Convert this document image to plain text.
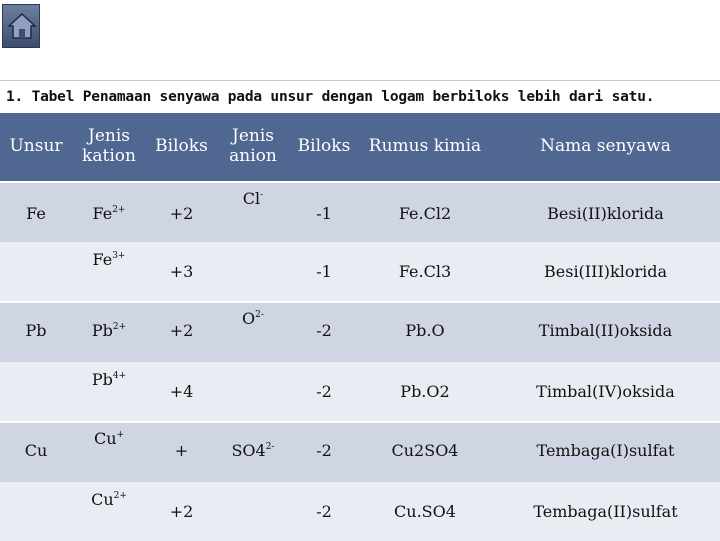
1. Tabel Penamaan senyawa pada unsur dengan logam berbiloks lebih dari satu.
Unsur	Jenis kation	Biloks	Jenis anion	Biloks	Rumus kimia	Nama senyawa

Fe	$Fe^{2+}$	+2	Cl-	-1	Fe.Cl2	Besi(II)klorida

	$Fe^{3+}$	+3		-1	Fe.Cl3	Besi(III)klorida

Pb	$Pb^{2+}$	+2	$O^{2-}$	-2	Pb.O	Timbal(II)oksida

	$Pb^{4+}$	+4		-2	Pb.O2	Timbal(IV)oksida

Cu	Cu+	+	$SO4^{2-}$	-2	Cu2SO4	Tembaga(I)sulfat

	$Cu^{2+}$	+2		-2	Cu.SO4	Tembaga(II)sulfat
